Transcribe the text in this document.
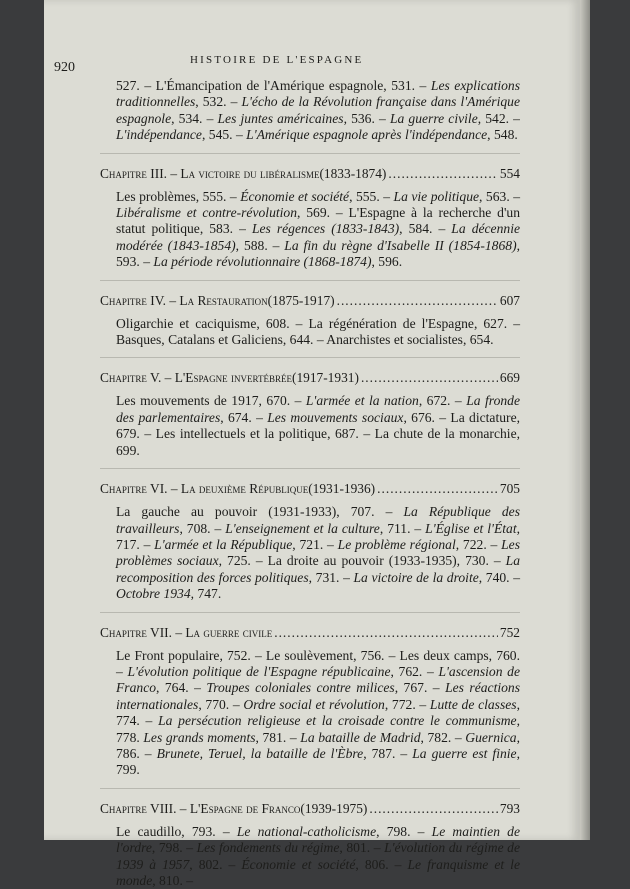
920	HISTOIRE DE L'ESPAGNE

527. – L'Émancipation de l'Amérique espagnole, 531. – Les explications traditionnelles, 532. – L'écho de la Révolution française dans l'Amérique espagnole, 534. – Les juntes américaines, 536. – La guerre civile, 542. – L'indépendance, 545. – L'Amérique espagnole après l'indépendance, 548.

Chapitre III. – La victoire du libéralisme (1833-1874) .....	554

Les problèmes, 555. – Économie et société, 555. – La vie politique, 563. – Libéralisme et contre-révolution, 569. – L'Espagne à la recherche d'un statut politique, 583. – Les régences (1833-1843), 584. – La décennie modérée (1843-1854), 588. – La fin du règne d'Isabelle II (1854-1868), 593. – La période révolutionnaire (1868-1874), 596.

Chapitre IV. – La Restauration (1875-1917) .....	607

Oligarchie et caciquisme, 608. – La régénération de l'Espagne, 627. – Basques, Catalans et Galiciens, 644. – Anarchistes et socialistes, 654.

Chapitre V. – L'Espagne invertébrée (1917-1931) .....	669

Les mouvements de 1917, 670. – L'armée et la nation, 672. – La fronde des parlementaires, 674. – Les mouvements sociaux, 676. – La dictature, 679. – Les intellectuels et la politique, 687. – La chute de la monarchie, 699.

Chapitre VI. – La deuxième République (1931-1936) .....	705

La gauche au pouvoir (1931-1933), 707. – La République des travailleurs, 708. – L'enseignement et la culture, 711. – L'Église et l'État, 717. – L'armée et la République, 721. – Le problème régional, 722. – Les problèmes sociaux, 725. – La droite au pouvoir (1933-1935), 730. – La recomposition des forces politiques, 731. – La victoire de la droite, 740. – Octobre 1934, 747.

Chapitre VII. – La guerre civile .....	752

Le Front populaire, 752. – Le soulèvement, 756. – Les deux camps, 760. – L'évolution politique de l'Espagne républicaine, 762. – L'ascension de Franco, 764. – Troupes coloniales contre milices, 767. – Les réactions internationales, 770. – Ordre social et révolution, 772. – Lutte de classes, 774. – La persécution religieuse et la croisade contre le communisme, 778. Les grands moments, 781. – La bataille de Madrid, 782. – Guernica, 786. – Brunete, Teruel, la bataille de l'Èbre, 787. – La guerre est finie, 799.

Chapitre VIII. – L'Espagne de Franco (1939-1975) .....	793

Le caudillo, 793. – Le national-catholicisme, 798. – Le maintien de l'ordre, 798. – Les fondements du régime, 801. – L'évolution du régime de 1939 à 1957, 802. – Économie et société, 806. – Le franquisme et le monde, 810. –
